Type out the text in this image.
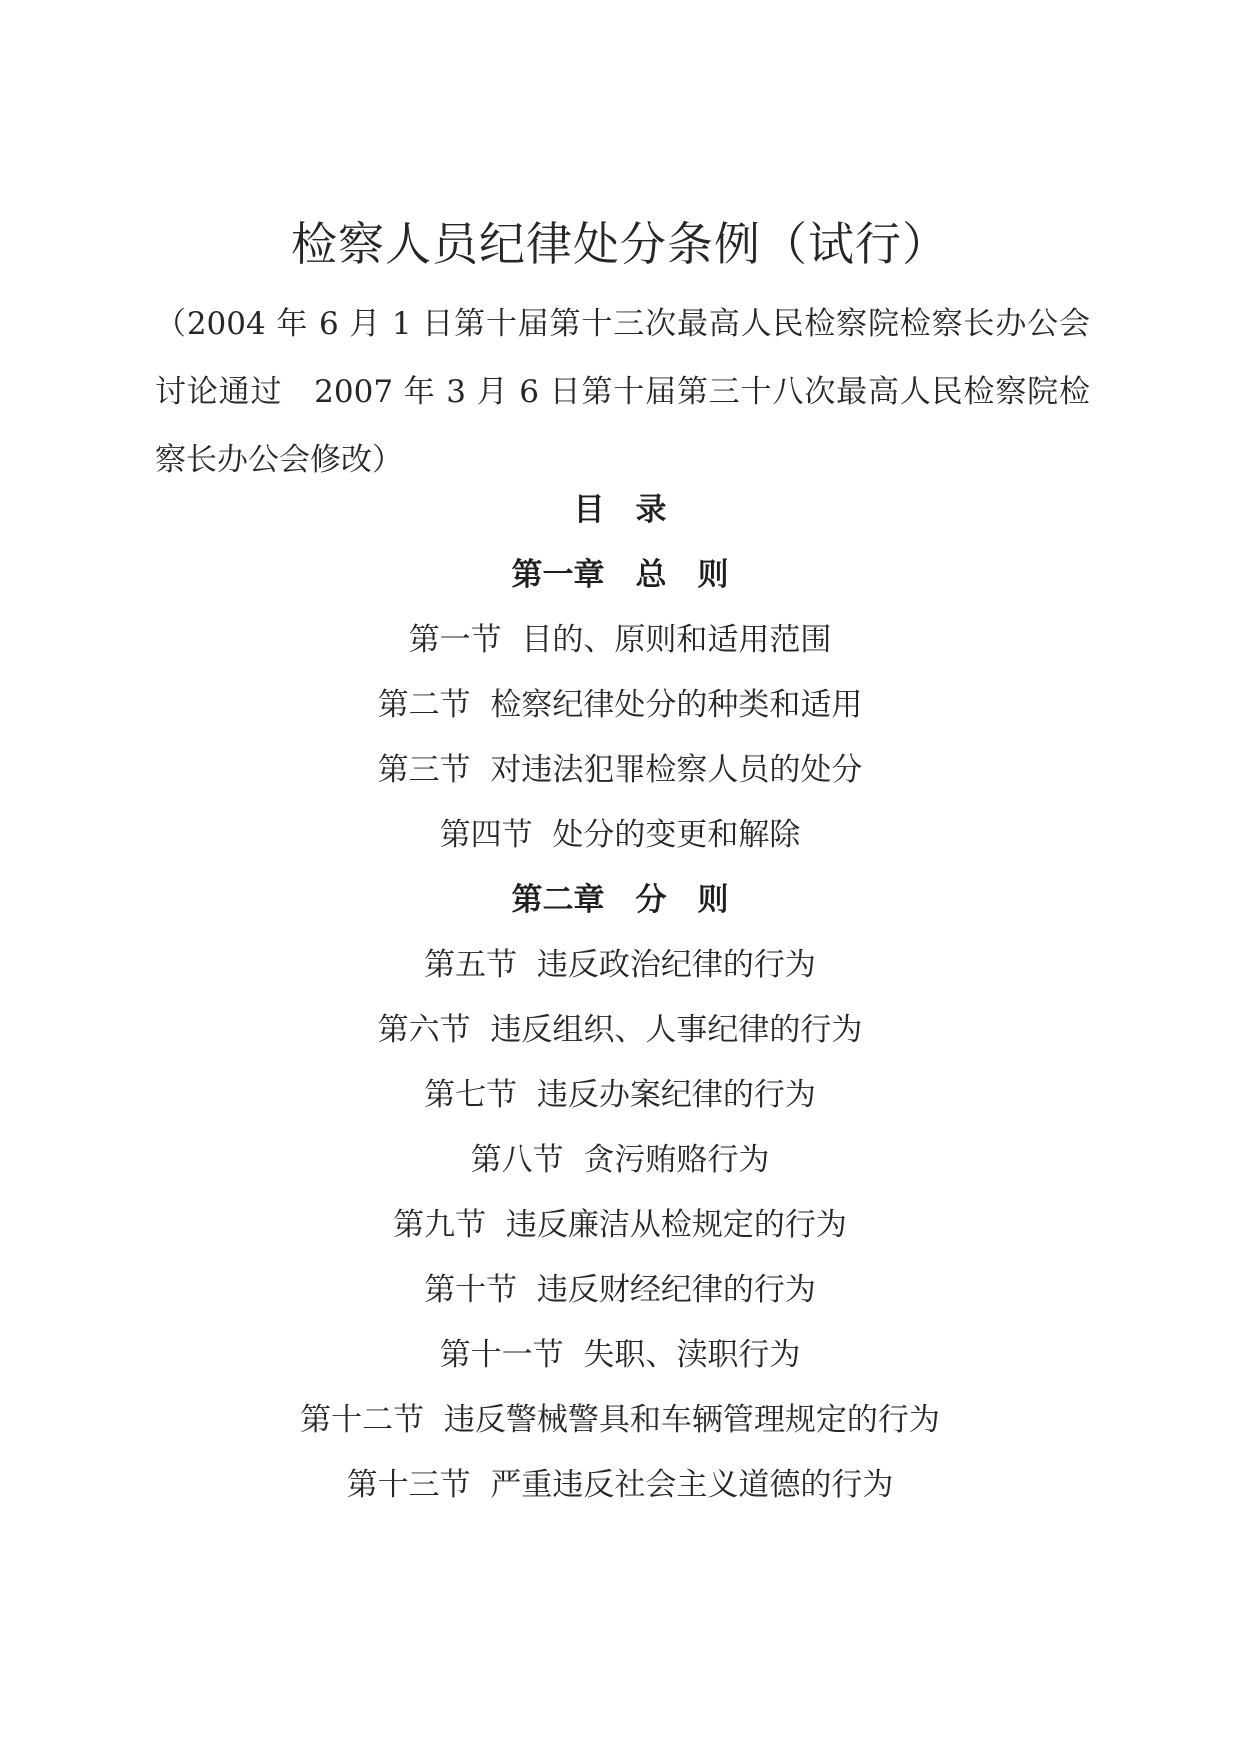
检察人员纪律处分条例（试行）

（2004 年 6 月 1 日第十届第十三次最高人民检察院检察长办公会讨论通过　2007 年 3 月 6 日第十届第三十八次最高人民检察院检察长办公会修改）

目　录
第一章　总　则
第一节  目的、原则和适用范围
第二节  检察纪律处分的种类和适用
第三节  对违法犯罪检察人员的处分
第四节  处分的变更和解除
第二章　分　则
第五节  违反政治纪律的行为
第六节  违反组织、人事纪律的行为
第七节  违反办案纪律的行为
第八节  贪污贿赂行为
第九节  违反廉洁从检规定的行为
第十节  违反财经纪律的行为
第十一节  失职、渎职行为
第十二节  违反警械警具和车辆管理规定的行为
第十三节  严重违反社会主义道德的行为
